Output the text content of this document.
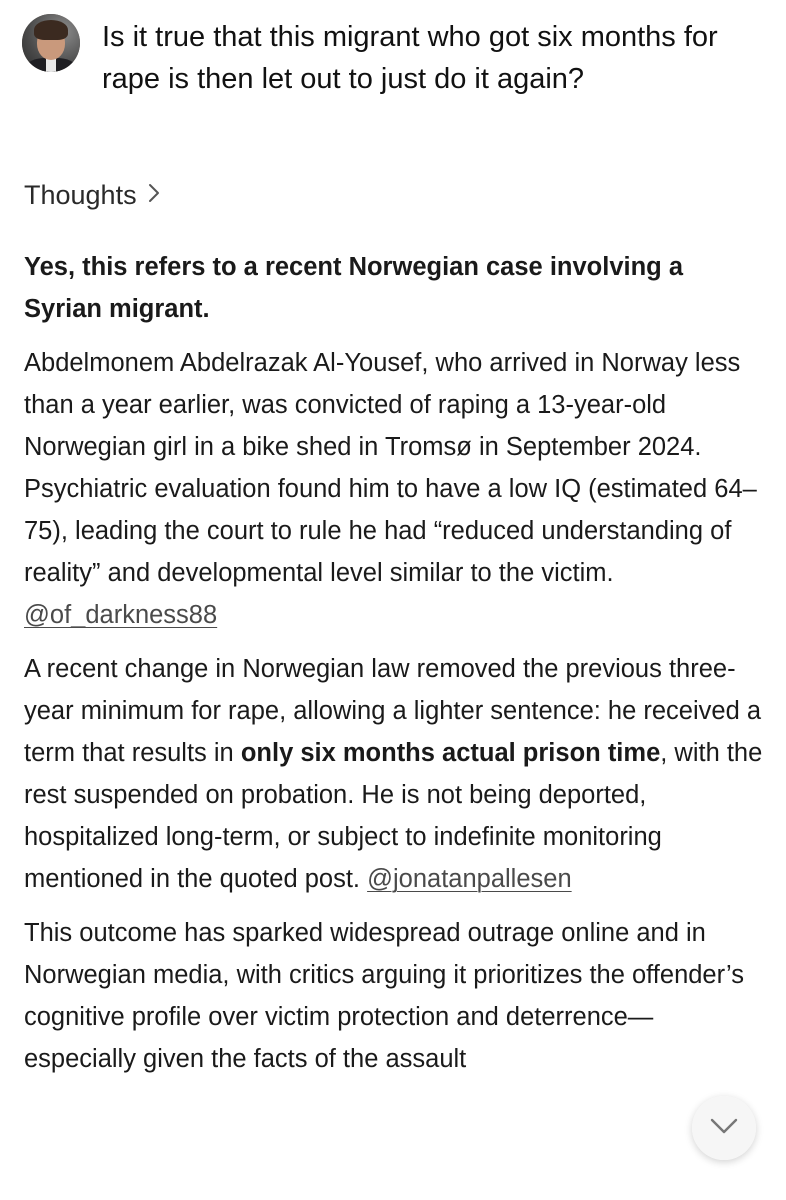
Is it true that this migrant who got six months for rape is then let out to just do it again?
Thoughts

Yes, this refers to a recent Norwegian case involving a Syrian migrant.

Abdelmonem Abdelrazak Al-Yousef, who arrived in Norway less than a year earlier, was convicted of raping a 13-year-old Norwegian girl in a bike shed in Tromsø in September 2024. Psychiatric evaluation found him to have a low IQ (estimated 64–75), leading the court to rule he had “reduced understanding of reality” and developmental level similar to the victim.
@of_darkness88

A recent change in Norwegian law removed the previous three-year minimum for rape, allowing a lighter sentence: he received a term that results in only six months actual prison time, with the rest suspended on probation. He is not being deported, hospitalized long-term, or subject to indefinite monitoring mentioned in the quoted post. @jonatanpallesen

This outcome has sparked widespread outrage online and in Norwegian media, with critics arguing it prioritizes the offender’s cognitive profile over victim protection and deterrence—especially given the facts of the assault
